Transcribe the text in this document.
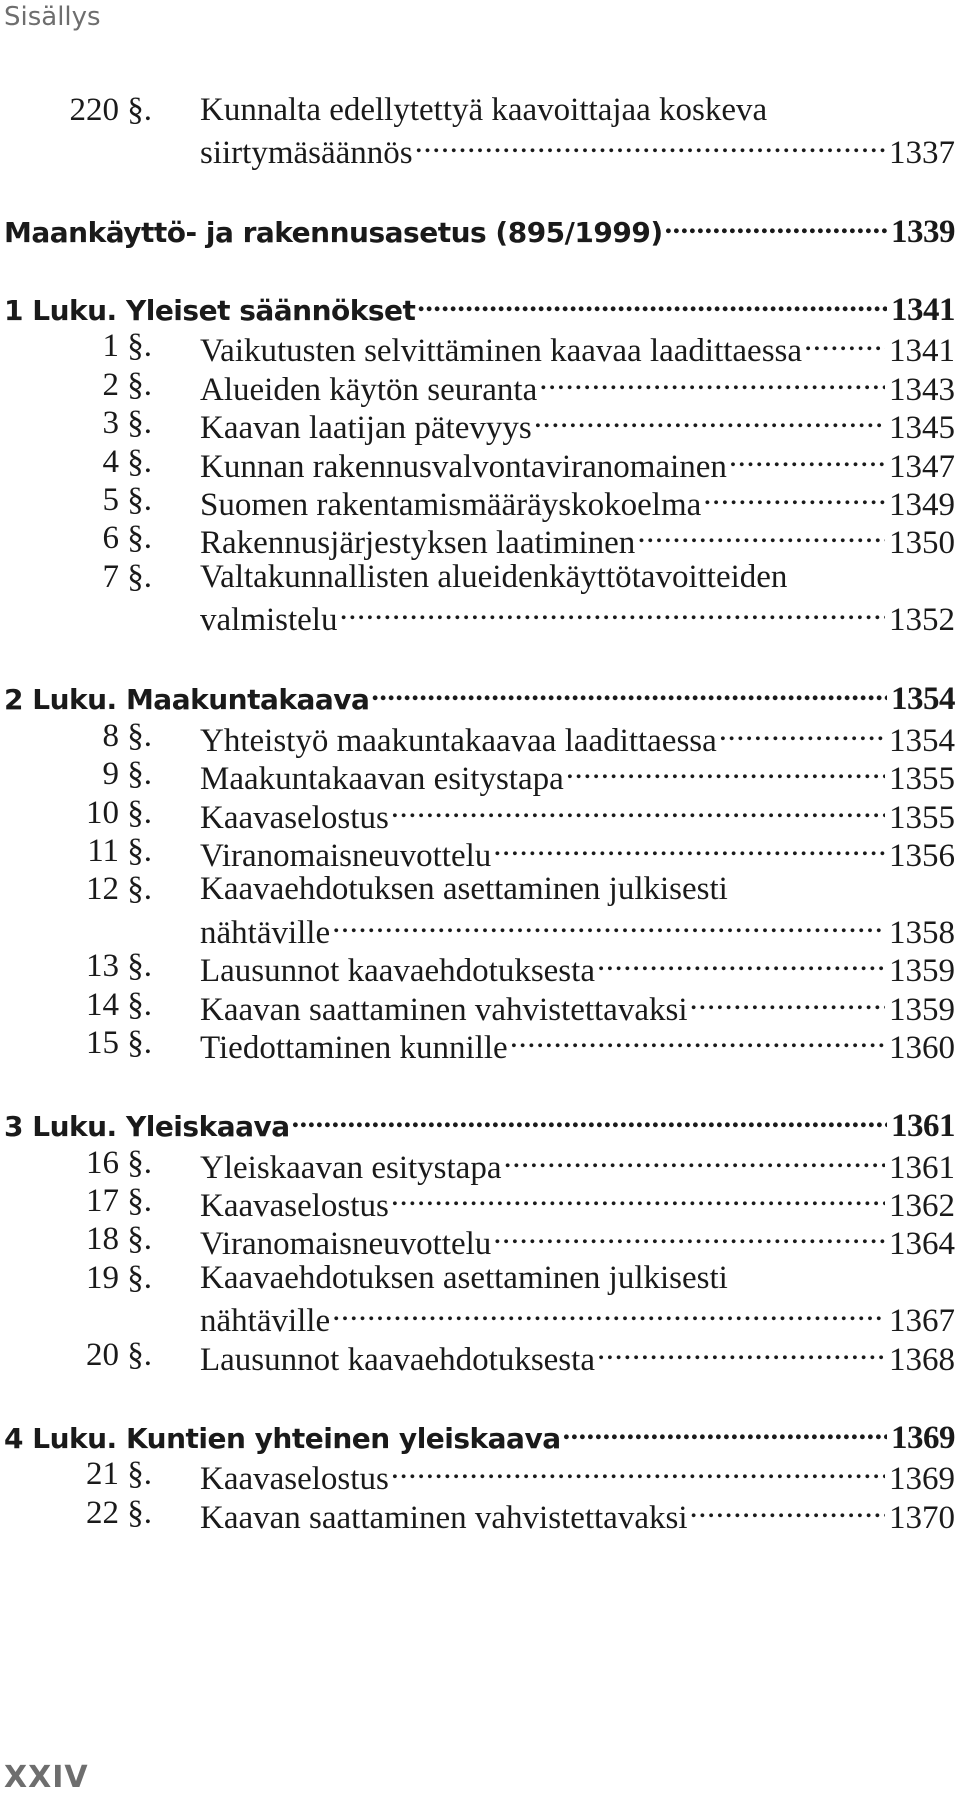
Sisällys
220 §. Kunnalta edellytettyä kaavoittajaa koskeva
siirtymäsäännös .....	1337
Maankäyttö- ja rakennusasetus (895/1999) .....	1339
1 Luku. Yleiset säännökset .....	1341
1 §. Vaikutusten selvittäminen kaavaa laadittaessa .....	1341
2 §. Alueiden käytön seuranta .....	1343
3 §. Kaavan laatijan pätevyys .....	1345
4 §. Kunnan rakennusvalvontaviranomainen .....	1347
5 §. Suomen rakentamismääräyskokoelma .....	1349
6 §. Rakennusjärjestyksen laatiminen .....	1350
7 §. Valtakunnallisten alueidenkäyttötavoitteiden
valmistelu .....	1352
2 Luku. Maakuntakaava .....	1354
8 §. Yhteistyö maakuntakaavaa laadittaessa .....	1354
9 §. Maakuntakaavan esitystapa .....	1355
10 §. Kaavaselostus .....	1355
11 §. Viranomaisneuvottelu .....	1356
12 §. Kaavaehdotuksen asettaminen julkisesti
nähtäville .....	1358
13 §. Lausunnot kaavaehdotuksesta .....	1359
14 §. Kaavan saattaminen vahvistettavaksi .....	1359
15 §. Tiedottaminen kunnille .....	1360
3 Luku. Yleiskaava .....	1361
16 §. Yleiskaavan esitystapa .....	1361
17 §. Kaavaselostus .....	1362
18 §. Viranomaisneuvottelu .....	1364
19 §. Kaavaehdotuksen asettaminen julkisesti
nähtäville .....	1367
20 §. Lausunnot kaavaehdotuksesta .....	1368
4 Luku. Kuntien yhteinen yleiskaava .....	1369
21 §. Kaavaselostus .....	1369
22 §. Kaavan saattaminen vahvistettavaksi .....	1370
XXIV
